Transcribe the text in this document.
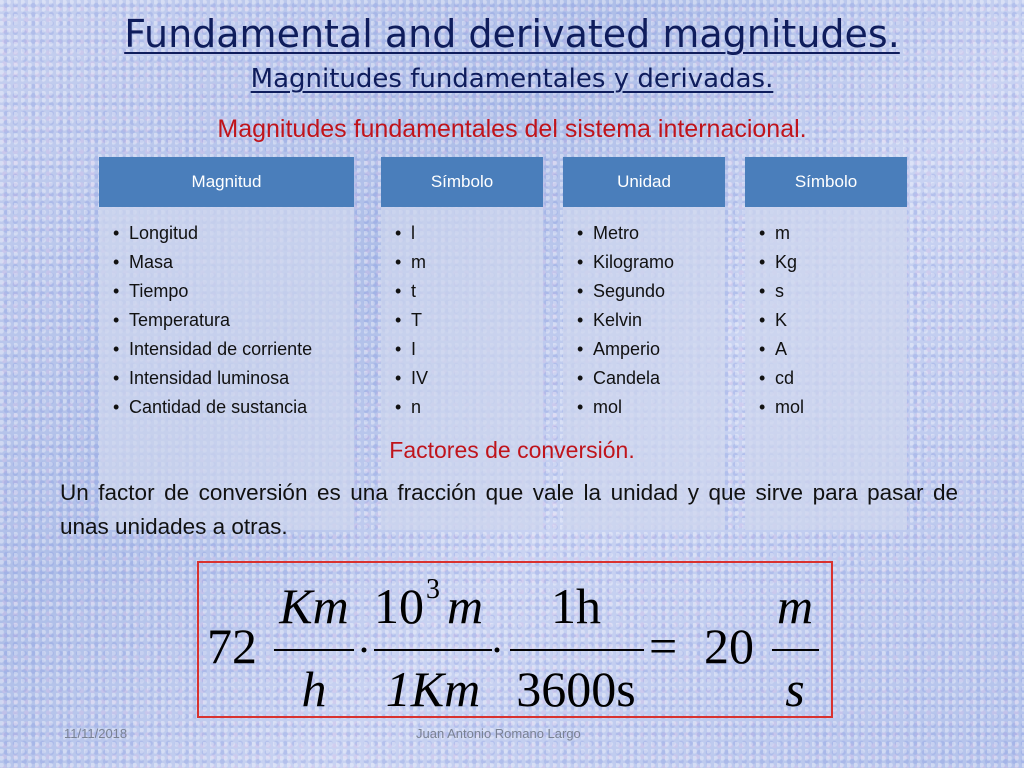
Fundamental and derivated magnitudes.
Magnitudes fundamentales y derivadas.
Magnitudes fundamentales del sistema internacional.
Magnitud
• Longitud
• Masa
• Tiempo
• Temperatura
• Intensidad de corriente
• Intensidad luminosa
• Cantidad de sustancia
Símbolo
• l
• m
• t
• T
• I
• IV
• n
Unidad
• Metro
• Kilogramo
• Segundo
• Kelvin
• Amperio
• Candela
• mol
Símbolo
• m
• Kg
• s
• K
• A
• cd
• mol
Factores de conversión.
Un factor de conversión es una fracción que vale la unidad y que sirve para pasar de unas unidades a otras.
72
Km
h
10 3 m
1Km
1h
3600s
= 20
m
s
11/11/2018	Juan Antonio Romano Largo
